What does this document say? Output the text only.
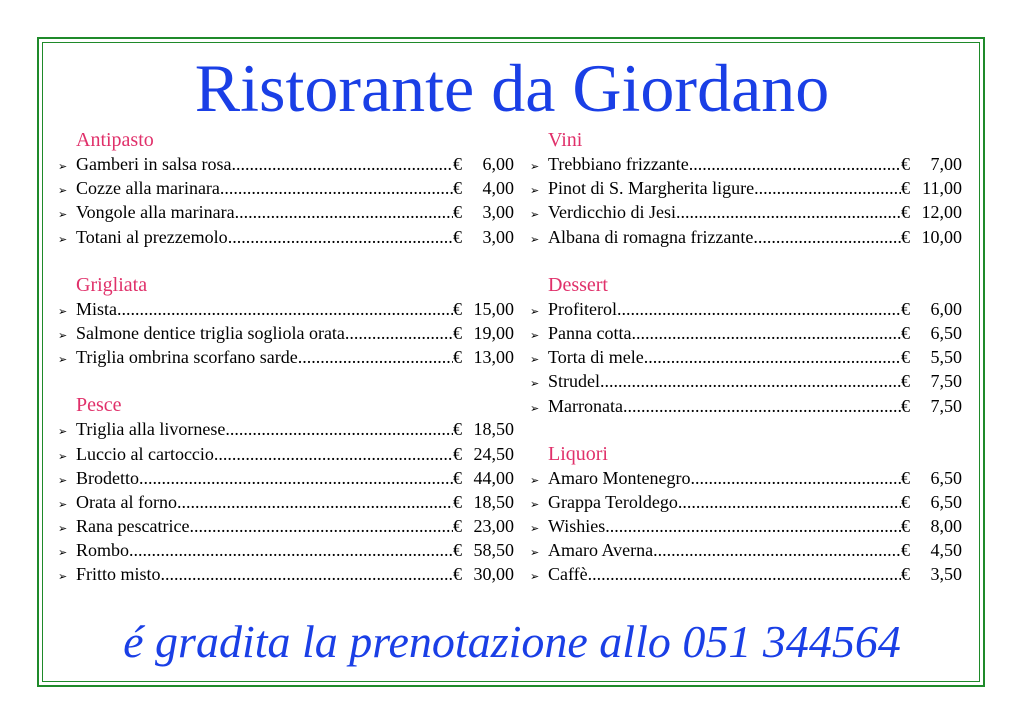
Ristorante da Giordano
Antipasto
➢ Gamberi in salsa rosa .....	€	6,00
➢ Cozze alla marinara .....	€	4,00
➢ Vongole alla marinara .....	€	3,00
➢ Totani al prezzemolo .....	€	3,00
Grigliata
➢ Mista .....	€ 15,00
➢ Salmone dentice triglia sogliola orata .....	€ 19,00
➢ Triglia ombrina scorfano sarde .....	€ 13,00
Pesce
➢ Triglia alla livornese .....	€ 18,50
➢ Luccio al cartoccio .....	€ 24,50
➢ Brodetto .....	€ 44,00
➢ Orata al forno .....	€ 18,50
➢ Rana pescatrice .....	€ 23,00
➢ Rombo .....	€ 58,50
➢ Fritto misto .....	€ 30,00
Vini
➢ Trebbiano frizzante .....	€	7,00
➢ Pinot di S. Margherita ligure .....	€ 11,00
➢ Verdicchio di Jesi .....	€ 12,00
➢ Albana di romagna frizzante .....	€ 10,00
Dessert
➢ Profiterol .....	€	6,00
➢ Panna cotta .....	€	6,50
➢ Torta di mele .....	€	5,50
➢ Strudel .....	€	7,50
➢ Marronata .....	€	7,50
Liquori
➢ Amaro Montenegro .....	€	6,50
➢ Grappa Teroldego .....	€	6,50
➢ Wishies .....	€	8,00
➢ Amaro Averna .....	€	4,50
➢ Caffè .....	€	3,50
é gradita la prenotazione allo 051 344564
